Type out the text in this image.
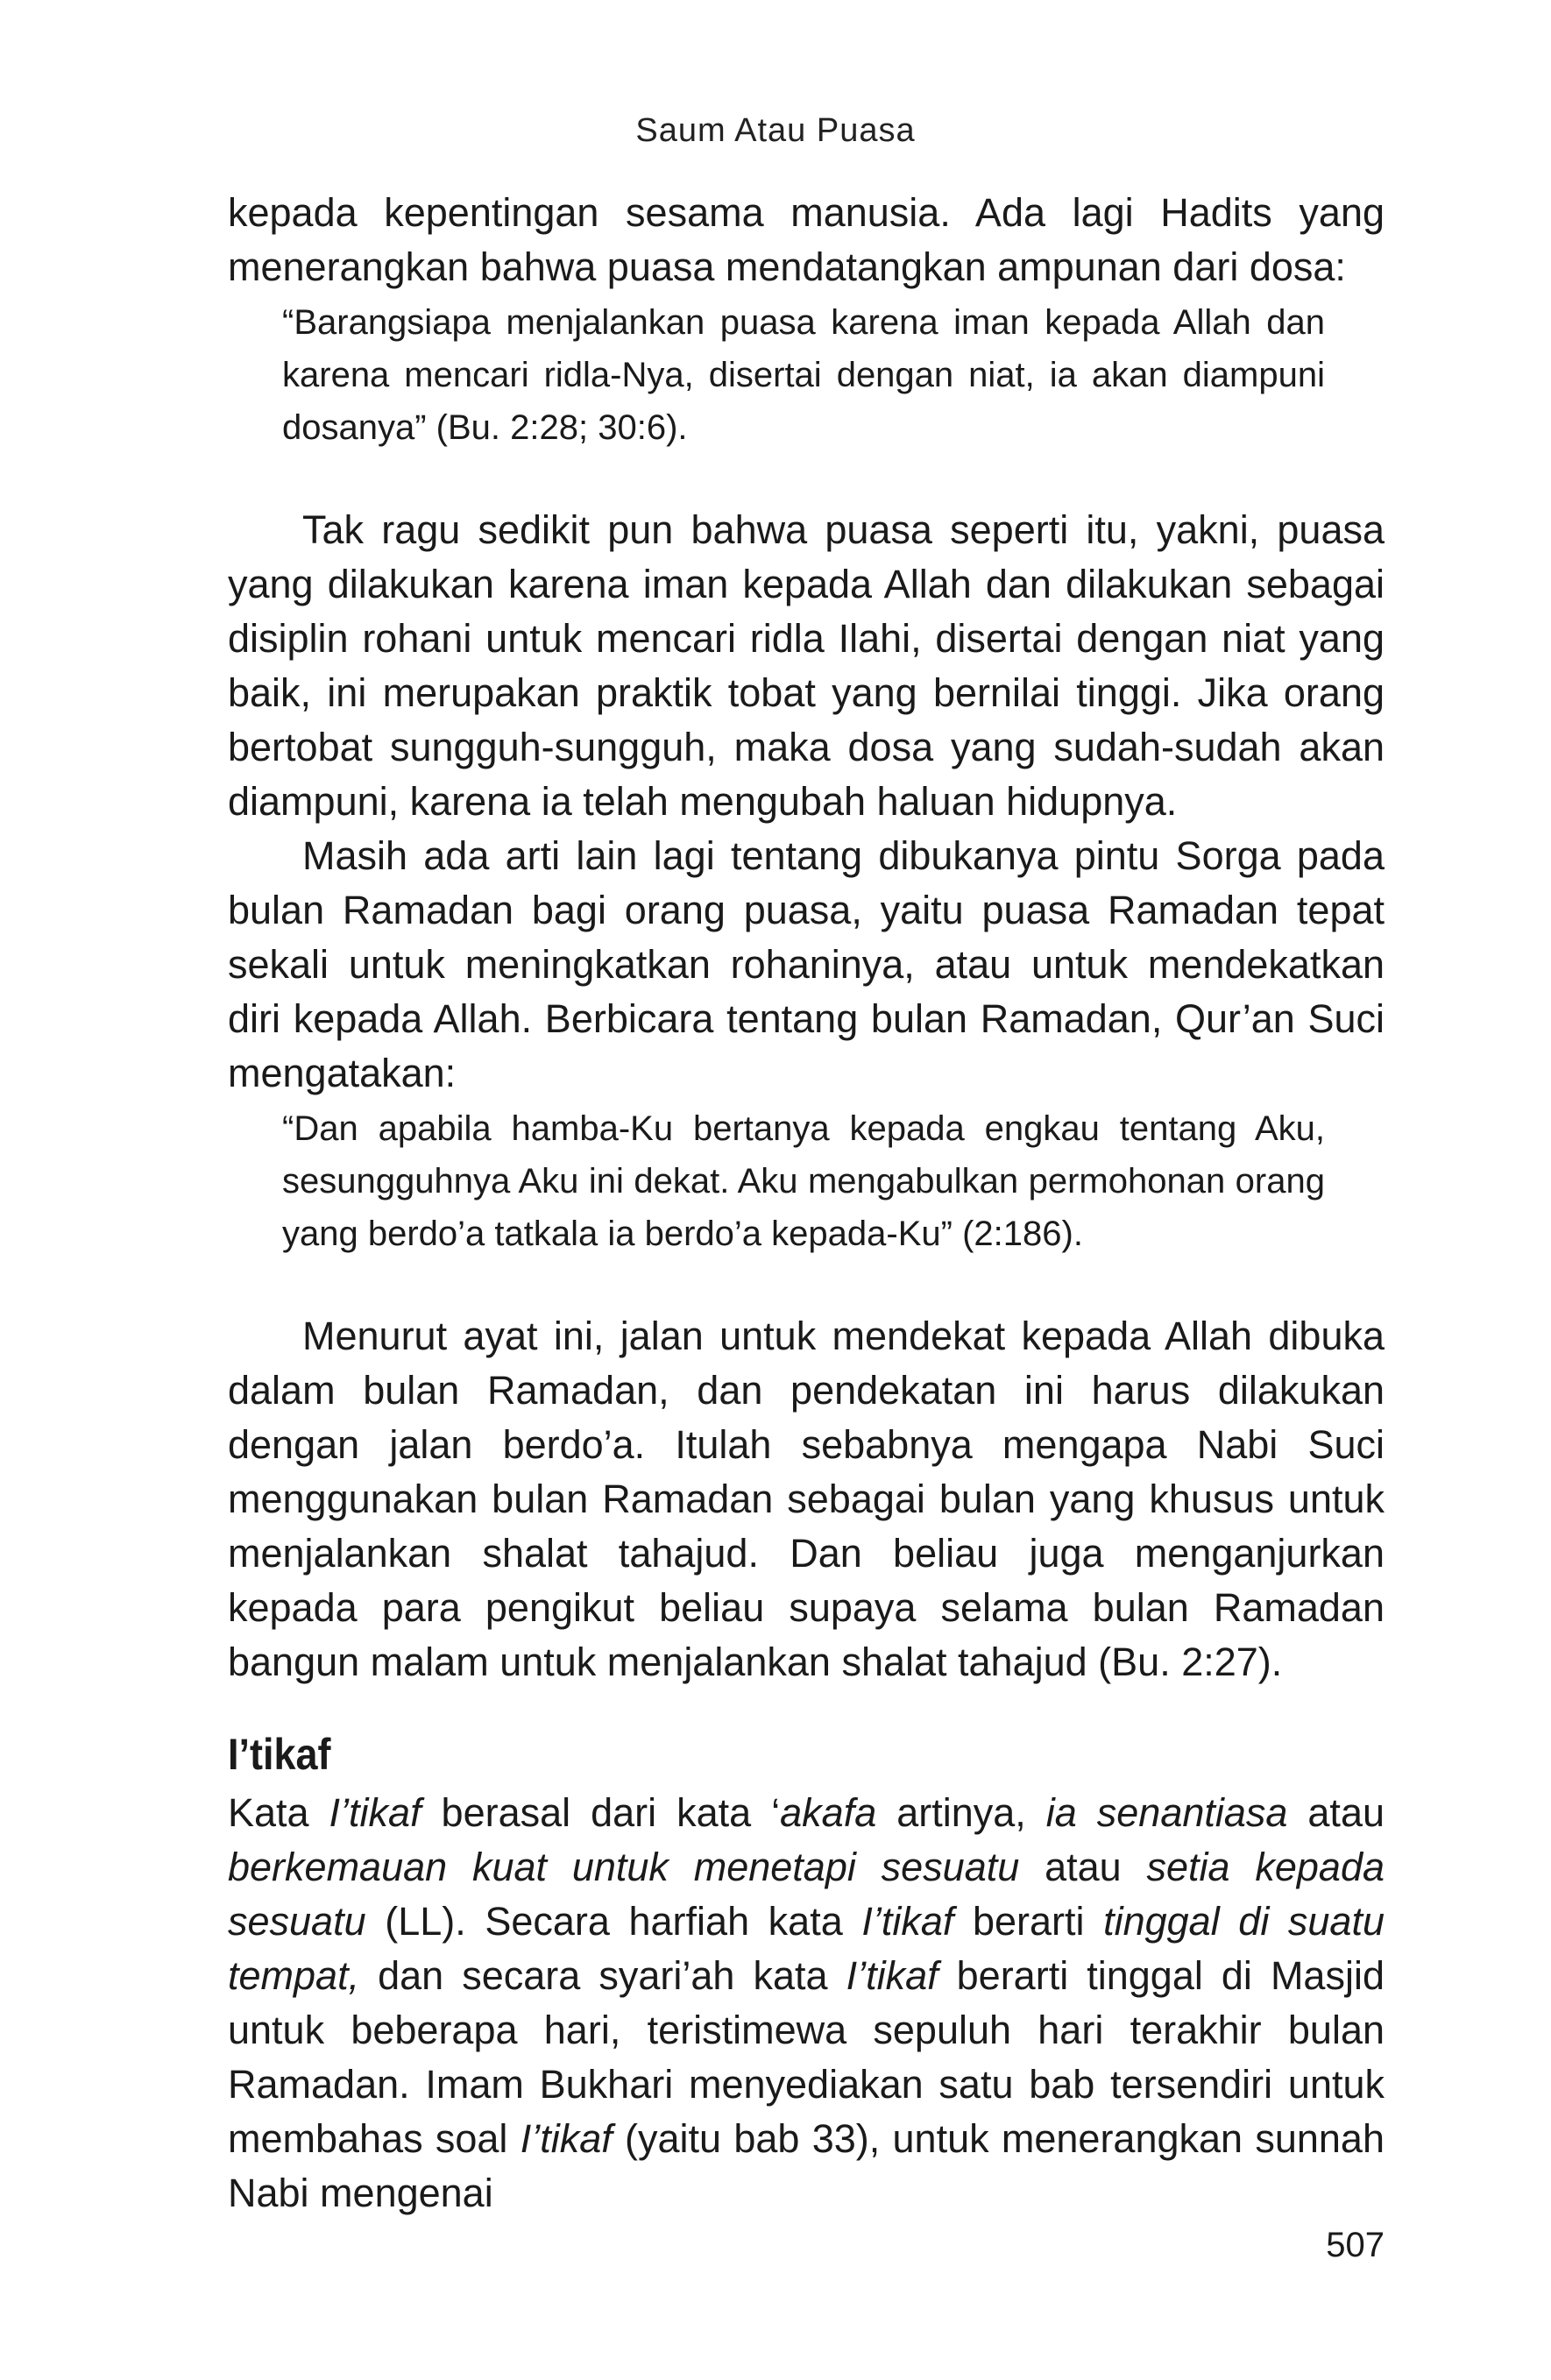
Saum Atau Puasa

kepada kepentingan sesama manusia. Ada lagi Hadits yang menerangkan bahwa puasa mendatangkan ampunan dari dosa:

“Barangsiapa menjalankan puasa karena iman kepada Allah dan karena mencari ridla-Nya, disertai dengan niat, ia akan diampuni dosanya” (Bu. 2:28; 30:6).

Tak ragu sedikit pun bahwa puasa seperti itu, yakni, puasa yang dilakukan karena iman kepada Allah dan dilakukan sebagai disiplin rohani untuk mencari ridla Ilahi, disertai dengan niat yang baik, ini merupakan praktik tobat yang bernilai tinggi. Jika orang bertobat sungguh-sungguh, maka dosa yang sudah-sudah akan diampuni, karena ia telah mengubah haluan hidupnya.

Masih ada arti lain lagi tentang dibukanya pintu Sorga pada bulan Ramadan bagi orang puasa, yaitu puasa Ramadan tepat sekali untuk meningkatkan rohaninya, atau untuk mendekatkan diri kepada Allah. Berbicara tentang bulan Ramadan, Qur’an Suci mengatakan:

“Dan apabila hamba-Ku bertanya kepada engkau tentang Aku, sesungguhnya Aku ini dekat. Aku mengabulkan permohonan orang yang berdo’a tatkala ia berdo’a kepada-Ku” (2:186).

Menurut ayat ini, jalan untuk mendekat kepada Allah dibuka dalam bulan Ramadan, dan pendekatan ini harus dilakukan dengan jalan berdo’a. Itulah sebabnya mengapa Nabi Suci menggunakan bulan Ramadan sebagai bulan yang khusus untuk menjalankan shalat tahajud. Dan beliau juga menganjurkan kepada para pengikut beliau supaya selama bulan Ramadan bangun malam untuk menjalankan shalat tahajud (Bu. 2:27).

I’tikaf

Kata I’tikaf berasal dari kata ‘akafa artinya, ia senantiasa atau berkemauan kuat untuk menetapi sesuatu atau setia kepada sesuatu (LL). Secara harfiah kata I’tikaf berarti tinggal di suatu tempat, dan secara syari’ah kata I’tikaf berarti tinggal di Masjid untuk beberapa hari, teristimewa sepuluh hari terakhir bulan Ramadan. Imam Bukhari menyediakan satu bab tersendiri untuk membahas soal I’tikaf (yaitu bab 33), untuk menerangkan sunnah Nabi mengenai

507
